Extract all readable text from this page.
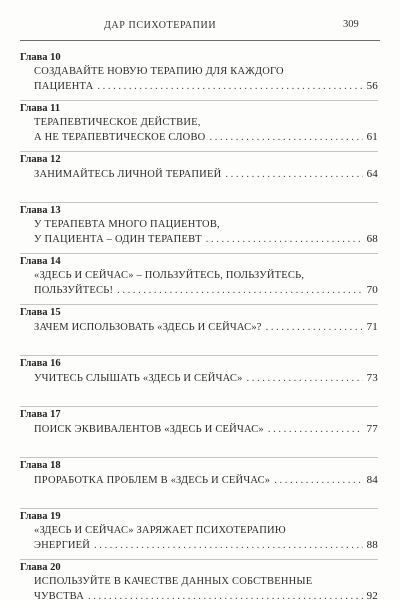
ДАР ПСИХОТЕРАПИИ	309
Глава 10
СОЗДАВАЙТЕ НОВУЮ ТЕРАПИЮ ДЛЯ КАЖДОГО
ПАЦИЕНТА . . .	56
Глава 11
ТЕРАПЕВТИЧЕСКОЕ ДЕЙСТВИЕ,
А НЕ ТЕРАПЕВТИЧЕСКОЕ СЛОВО . . .	61
Глава 12
ЗАНИМАЙТЕСЬ ЛИЧНОЙ ТЕРАПИЕЙ . . .	64
Глава 13
У ТЕРАПЕВТА МНОГО ПАЦИЕНТОВ,
У ПАЦИЕНТА – ОДИН ТЕРАПЕВТ . . .	68
Глава 14
«ЗДЕСЬ И СЕЙЧАС» – ПОЛЬЗУЙТЕСЬ, ПОЛЬЗУЙТЕСЬ,
ПОЛЬЗУЙТЕСЬ! . . .	70
Глава 15
ЗАЧЕМ ИСПОЛЬЗОВАТЬ «ЗДЕСЬ И СЕЙЧАС»? . . .	71
Глава 16
УЧИТЕСЬ СЛЫШАТЬ «ЗДЕСЬ И СЕЙЧАС» . . .	73
Глава 17
ПОИСК ЭКВИВАЛЕНТОВ «ЗДЕСЬ И СЕЙЧАС» . . .	77
Глава 18
ПРОРАБОТКА ПРОБЛЕМ В «ЗДЕСЬ И СЕЙЧАС» . . .	84
Глава 19
«ЗДЕСЬ И СЕЙЧАС» ЗАРЯЖАЕТ ПСИХОТЕРАПИЮ
ЭНЕРГИЕЙ . . .	88
Глава 20
ИСПОЛЬЗУЙТЕ В КАЧЕСТВЕ ДАННЫХ СОБСТВЕННЫЕ
ЧУВСТВА . . .	92
